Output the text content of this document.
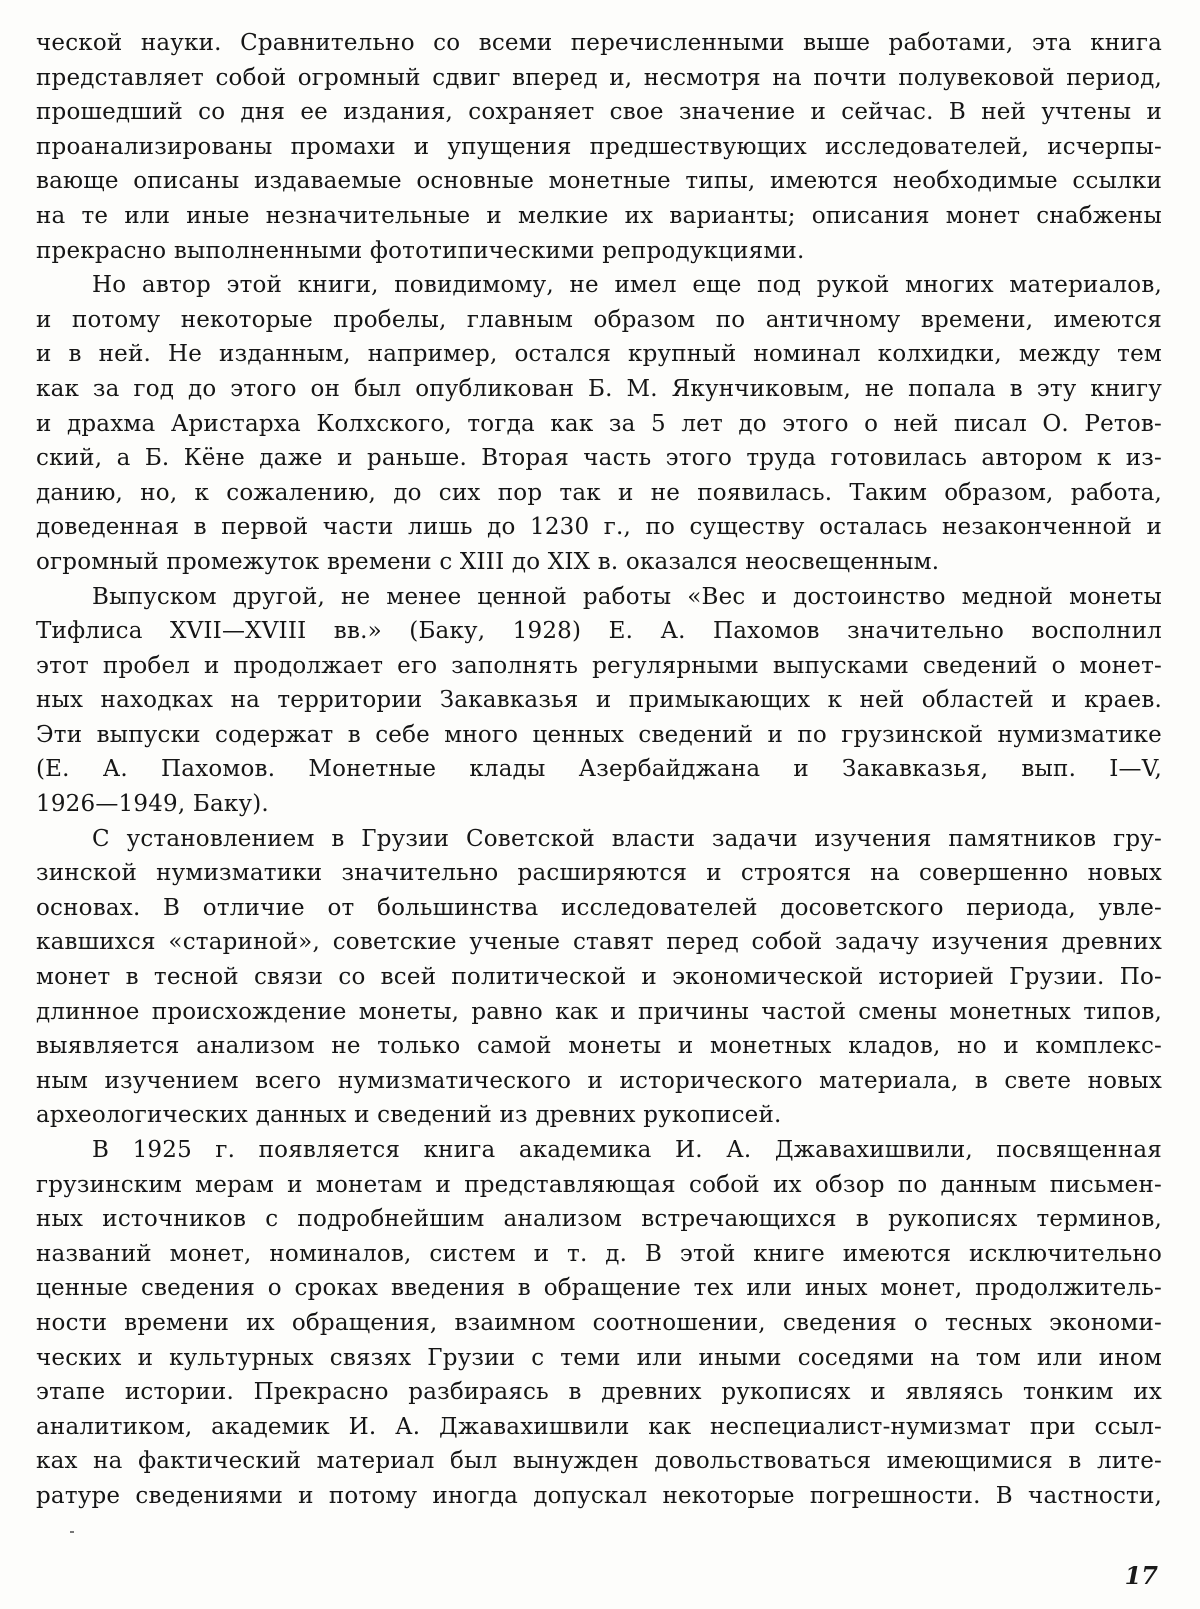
ческой науки. Сравнительно со всеми перечисленными выше работами, эта книга
представляет собой огромный сдвиг вперед и, несмотря на почти полувековой период,
прошедший со дня ее издания, сохраняет свое значение и сейчас. В ней учтены и
проанализированы промахи и упущения предшествующих исследователей, исчерпы-
вающе описаны издаваемые основные монетные типы, имеются необходимые ссылки
на те или иные незначительные и мелкие их варианты; описания монет снабжены
прекрасно выполненными фототипическими репродукциями.
Но автор этой книги, повидимому, не имел еще под рукой многих материалов,
и потому некоторые пробелы, главным образом по античному времени, имеются
и в ней. Не изданным, например, остался крупный номинал колхидки, между тем
как за год до этого он был опубликован Б. М. Якунчиковым, не попала в эту книгу
и драхма Аристарха Колхского, тогда как за 5 лет до этого о ней писал О. Ретов-
ский, а Б. Кёне даже и раньше. Вторая часть этого труда готовилась автором к из-
данию, но, к сожалению, до сих пор так и не появилась. Таким образом, работа,
доведенная в первой части лишь до 1230 г., по существу осталась незаконченной и
огромный промежуток времени с XIII до XIX в. оказался неосвещенным.
Выпуском другой, не менее ценной работы «Вес и достоинство медной монеты
Тифлиса XVII—XVIII вв.» (Баку, 1928) Е. А. Пахомов значительно восполнил
этот пробел и продолжает его заполнять регулярными выпусками сведений о монет-
ных находках на территории Закавказья и примыкающих к ней областей и краев.
Эти выпуски содержат в себе много ценных сведений и по грузинской нумизматике
(Е. А. Пахомов. Монетные клады Азербайджана и Закавказья, вып. I—V,
1926—1949, Баку).
С установлением в Грузии Советской власти задачи изучения памятников гру-
зинской нумизматики значительно расширяются и строятся на совершенно новых
основах. В отличие от большинства исследователей досоветского периода, увле-
кавшихся «стариной», советские ученые ставят перед собой задачу изучения древних
монет в тесной связи со всей политической и экономической историей Грузии. По-
длинное происхождение монеты, равно как и причины частой смены монетных типов,
выявляется анализом не только самой монеты и монетных кладов, но и комплекс-
ным изучением всего нумизматического и исторического материала, в свете новых
археологических данных и сведений из древних рукописей.
В 1925 г. появляется книга академика И. А. Джавахишвили, посвященная
грузинским мерам и монетам и представляющая собой их обзор по данным письмен-
ных источников с подробнейшим анализом встречающихся в рукописях терминов,
названий монет, номиналов, систем и т. д. В этой книге имеются исключительно
ценные сведения о сроках введения в обращение тех или иных монет, продолжитель-
ности времени их обращения, взаимном соотношении, сведения о тесных экономи-
ческих и культурных связях Грузии с теми или иными соседями на том или ином
этапе истории. Прекрасно разбираясь в древних рукописях и являясь тонким их
аналитиком, академик И. А. Джавахишвили как неспециалист-нумизмат при ссыл-
ках на фактический материал был вынужден довольствоваться имеющимися в лите-
ратуре сведениями и потому иногда допускал некоторые погрешности. В частности,
17
